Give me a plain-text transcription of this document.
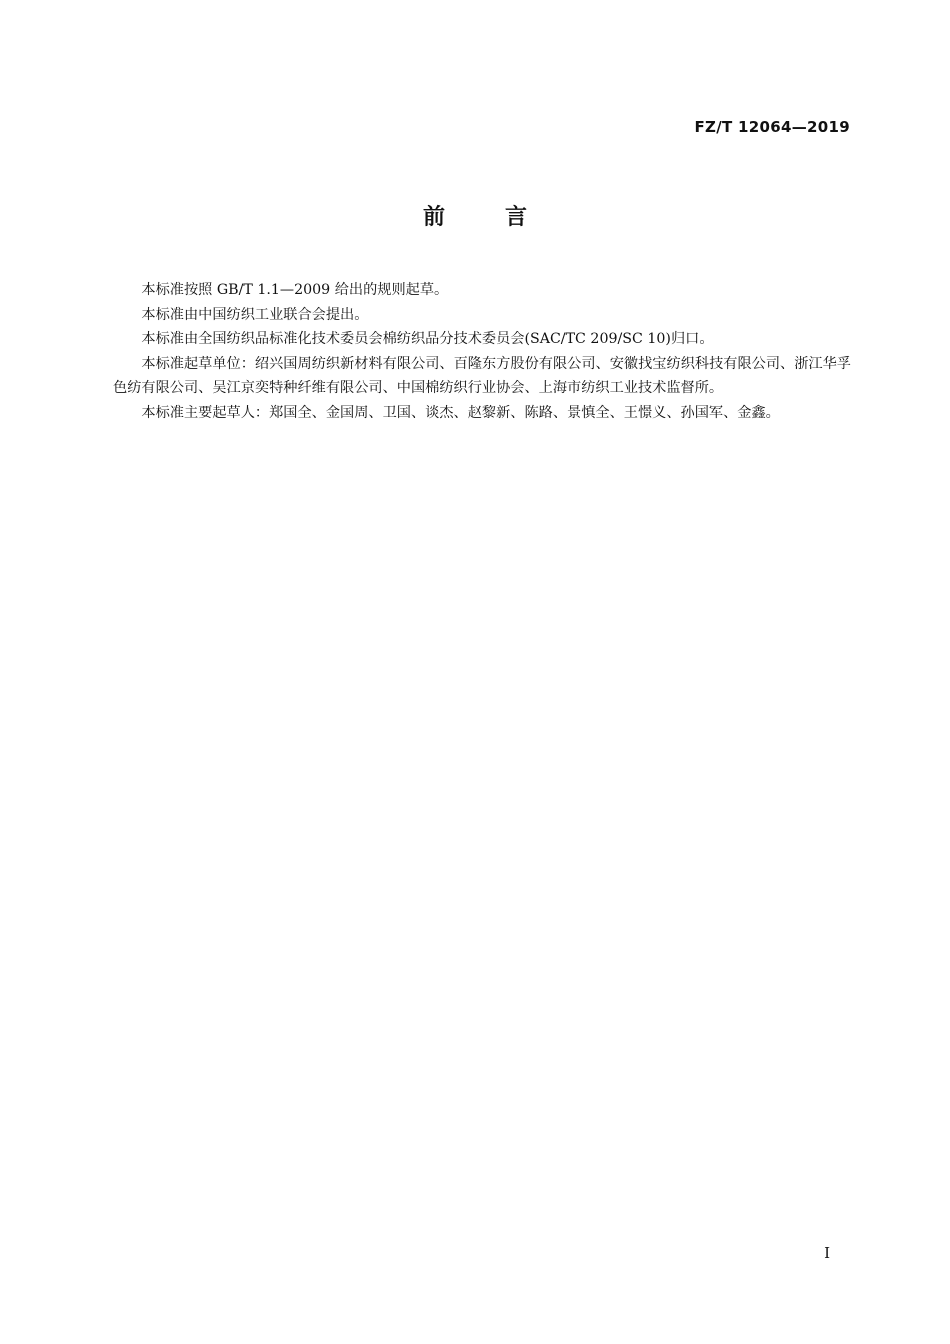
FZ/T 12064—2019
前言

本标准按照 GB/T 1.1—2009 给出的规则起草。

本标准由中国纺织工业联合会提出。

本标准由全国纺织品标准化技术委员会棉纺织品分技术委员会(SAC/TC 209/SC 10)归口。

本标准起草单位：绍兴国周纺织新材料有限公司、百隆东方股份有限公司、安徽找宝纺织科技有限公司、浙江华孚色纺有限公司、吴江京奕特种纤维有限公司、中国棉纺织行业协会、上海市纺织工业技术监督所。

本标准主要起草人：郑国全、金国周、卫国、谈杰、赵黎新、陈路、景慎全、王憬义、孙国军、金鑫。

I
